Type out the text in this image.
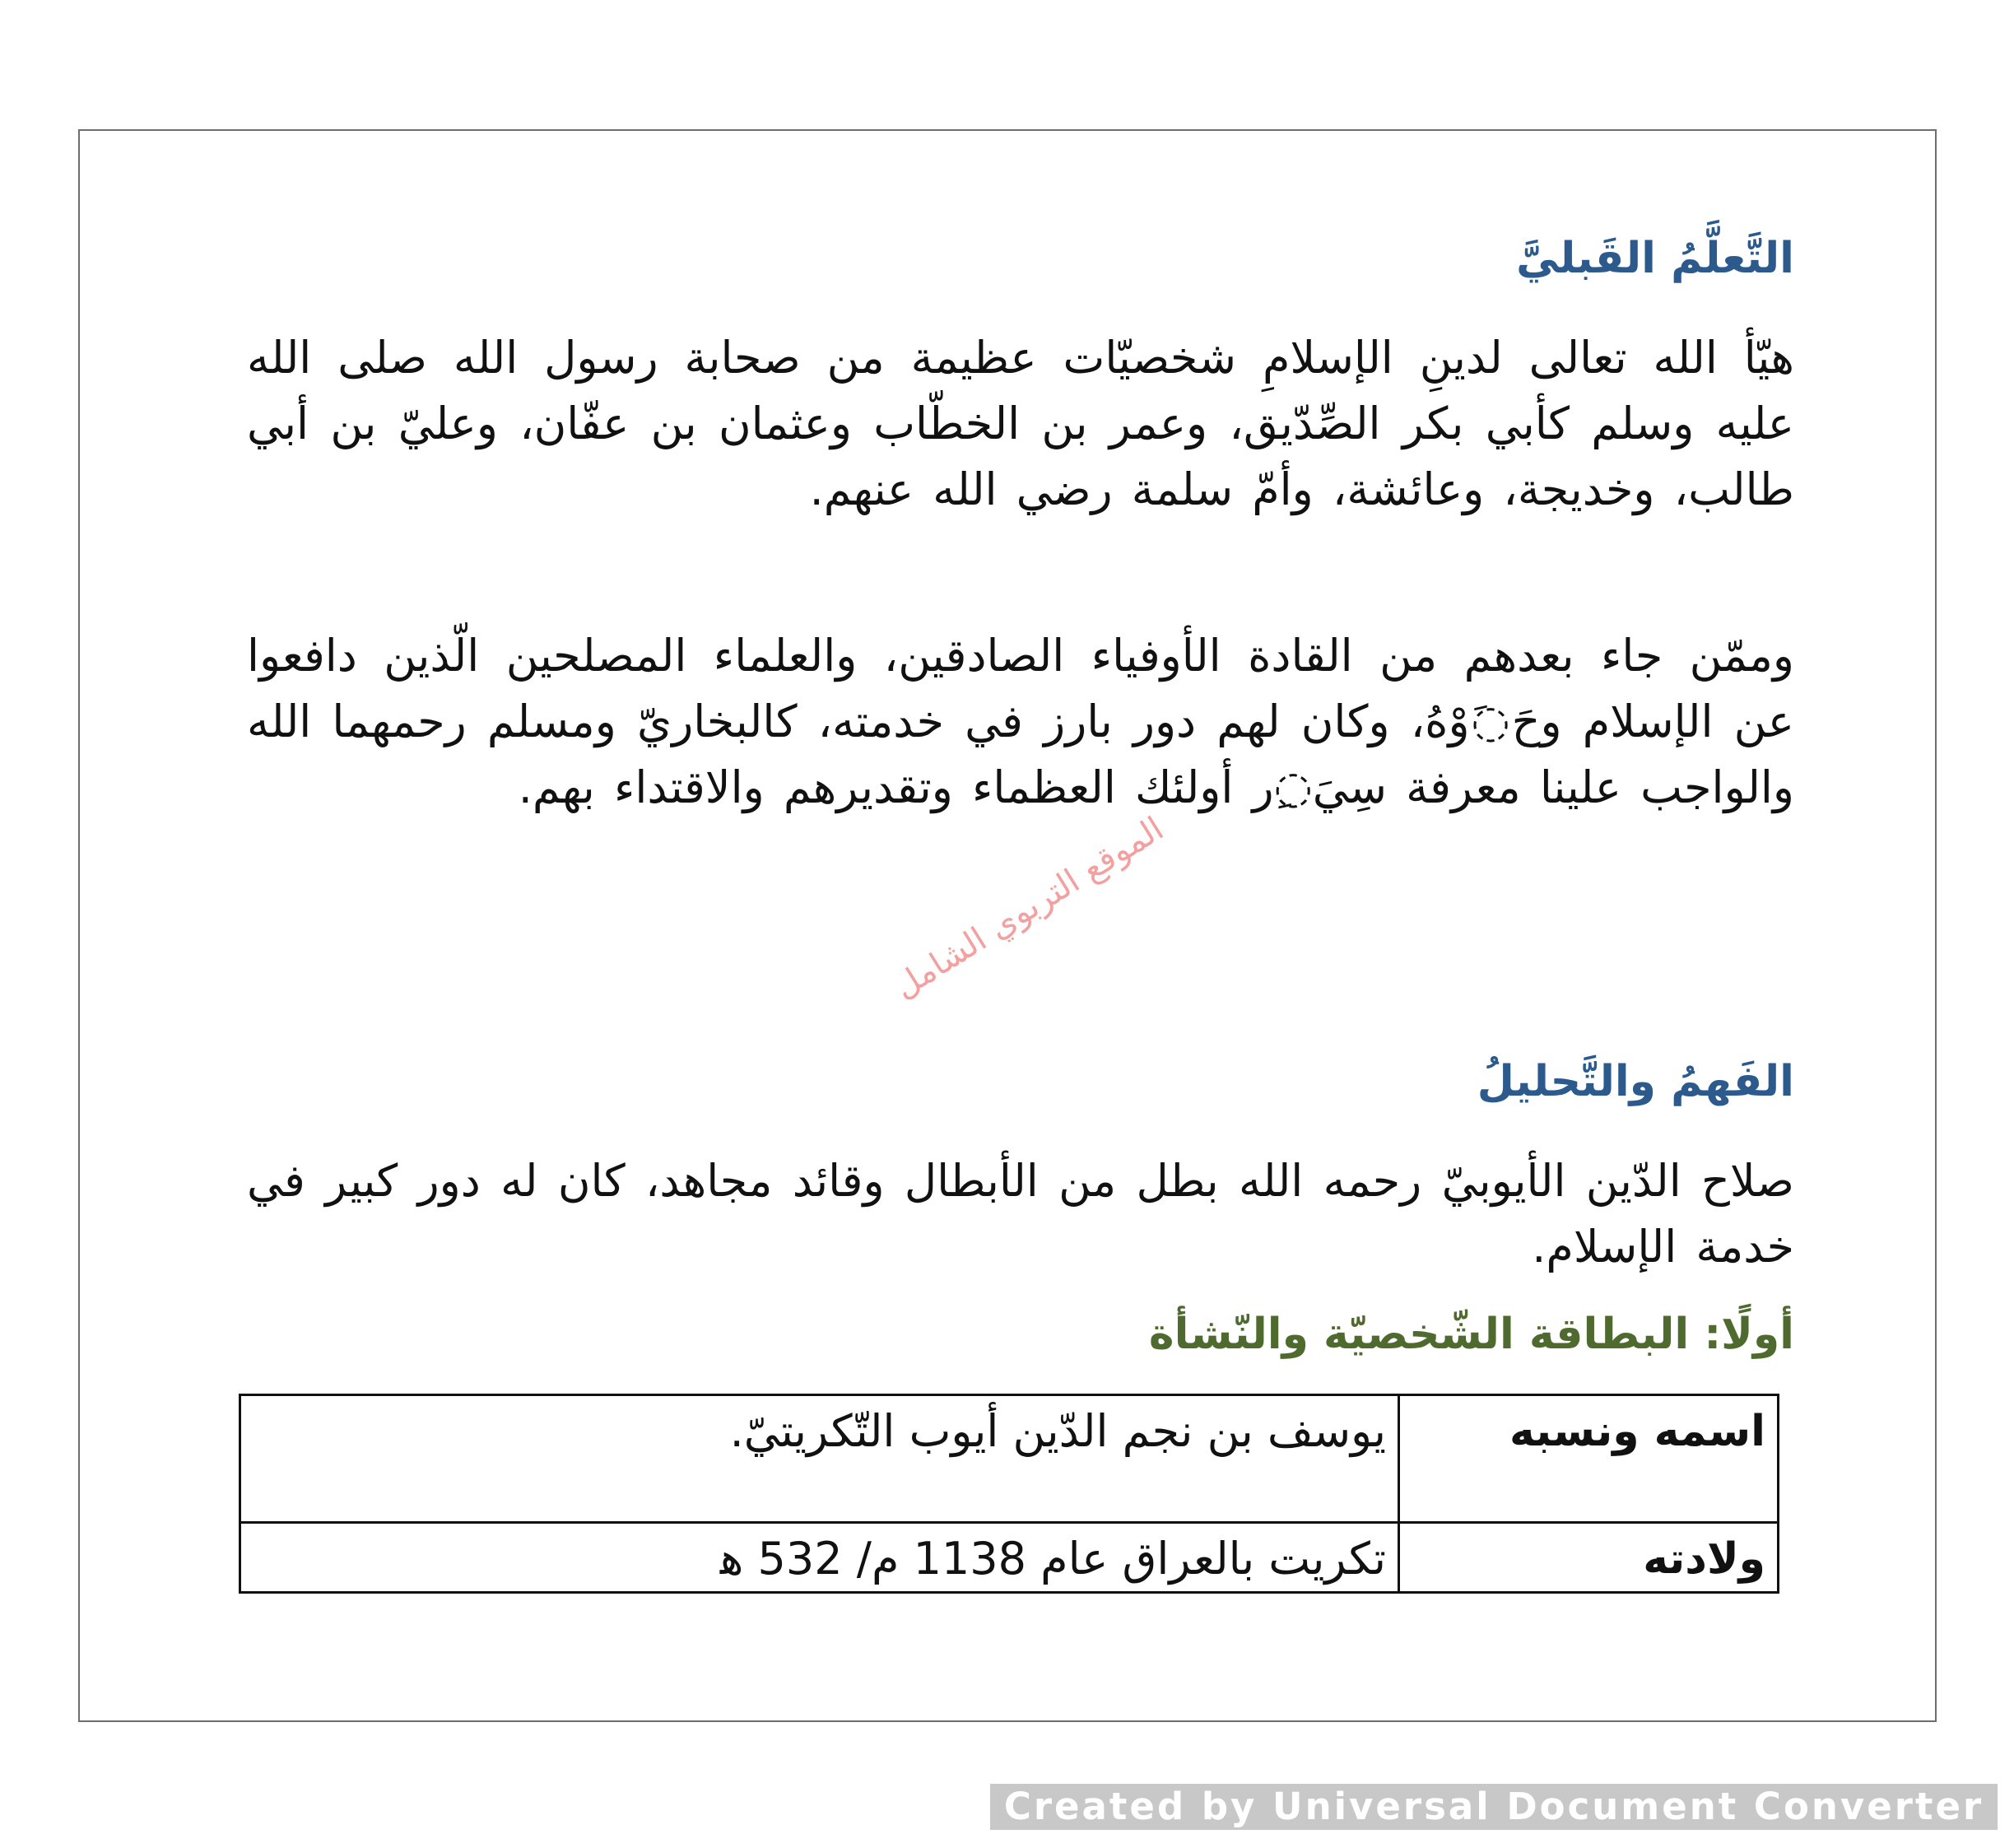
التَّعلَّمُ القَبليَّ

هيّأ الله تعالى لدينِ الإسلامِ شخصيّات عظيمة من صحابة رسول الله صلى الله عليه وسلم كأبي بكر الصِّدّيق، وعمر بن الخطّاب وعثمان بن عفّان، وعليّ بن أبي طالب، وخديجة، وعائشة، وأمّ سلمة رضي الله عنهم.

وممّن جاء بعدهم من القادة الأوفياء الصادقين، والعلماء المصلحين الّذين دافعوا عن الإسلام وحَ◌َوْهُ، وكان لهم دور بارز في خدمته، كالبخاريّ ومسلم رحمهما الله والواجب علينا معرفة سِيَ◌ِر أولئك العظماء وتقديرهم والاقتداء بهم.

الموقع التربوي الشامل
الفَهمُ والتَّحليلُ

صلاح الدّين الأيوبيّ رحمه الله بطل من الأبطال وقائد مجاهد، كان له دور كبير في خدمة الإسلام.

أولًا: البطاقة الشّخصيّة والنّشأة
اسمه ونسبه	يوسف بن نجم الدّين أيوب التّكريتيّ.
ولادته	تكريت بالعراق عام 1138 م/ 532 ﻫ
Created by Universal Document Converter
